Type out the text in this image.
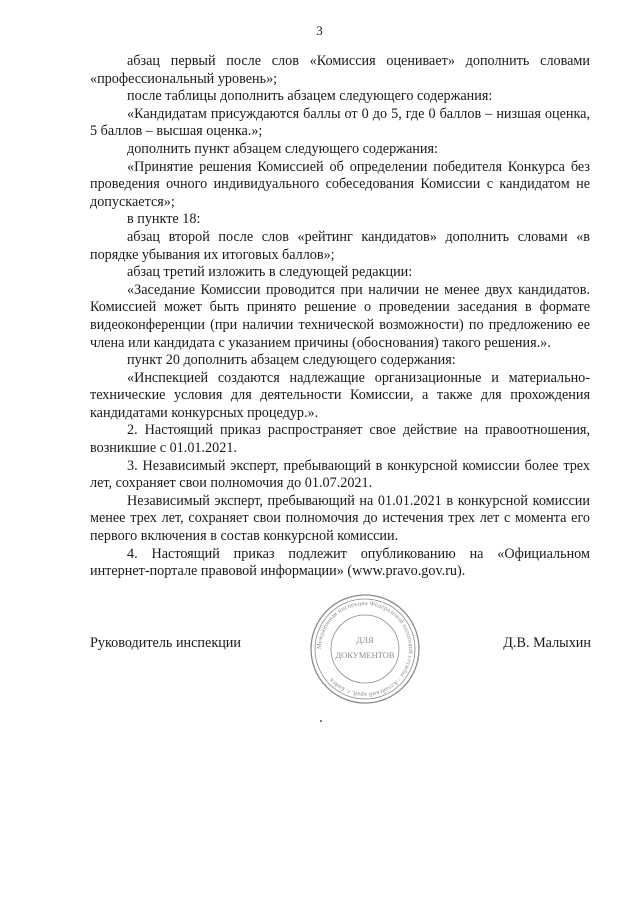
3

абзац первый после слов «Комиссия оценивает» дополнить словами «профессиональный уровень»;

после таблицы дополнить абзацем следующего содержания:

«Кандидатам присуждаются баллы от 0 до 5, где 0 баллов – низшая оценка, 5 баллов – высшая оценка.»;

дополнить пункт абзацем следующего содержания:

«Принятие решения Комиссией об определении победителя Конкурса без проведения очного индивидуального собеседования Комиссии с кандидатом не допускается»;

в пункте 18:

абзац второй после слов «рейтинг кандидатов» дополнить словами «в порядке убывания их итоговых баллов»;

абзац третий изложить в следующей редакции:

«Заседание Комиссии проводится при наличии не менее двух кандидатов. Комиссией может быть принято решение о проведении заседания в формате видеоконференции (при наличии технической возможности) по предложению ее члена или кандидата с указанием причины (обоснования) такого решения.».

пункт 20 дополнить абзацем следующего содержания:

«Инспекцией создаются надлежащие организационные и материально-технические условия для деятельности Комиссии, а также для прохождения кандидатами конкурсных процедур.».

2. Настоящий приказ распространяет свое действие на правоотношения, возникшие с 01.01.2021.

3. Независимый эксперт, пребывающий в конкурсной комиссии более трех лет, сохраняет свои полномочия до 01.07.2021.

Независимый эксперт, пребывающий на 01.01.2021 в конкурсной комиссии менее трех лет, сохраняет свои полномочия до истечения трех лет с момента его первого включения в состав конкурсной комиссии.

4. Настоящий приказ подлежит опубликованию на «Официальном интернет-портале правовой информации» (www.pravo.gov.ru).

Руководитель инспекции	Д.В. Малыхин
Межрайонная инспекция Федеральной налоговой службы · Алтайский край, г. Бийск
ДЛЯ
ДОКУМЕНТОВ
